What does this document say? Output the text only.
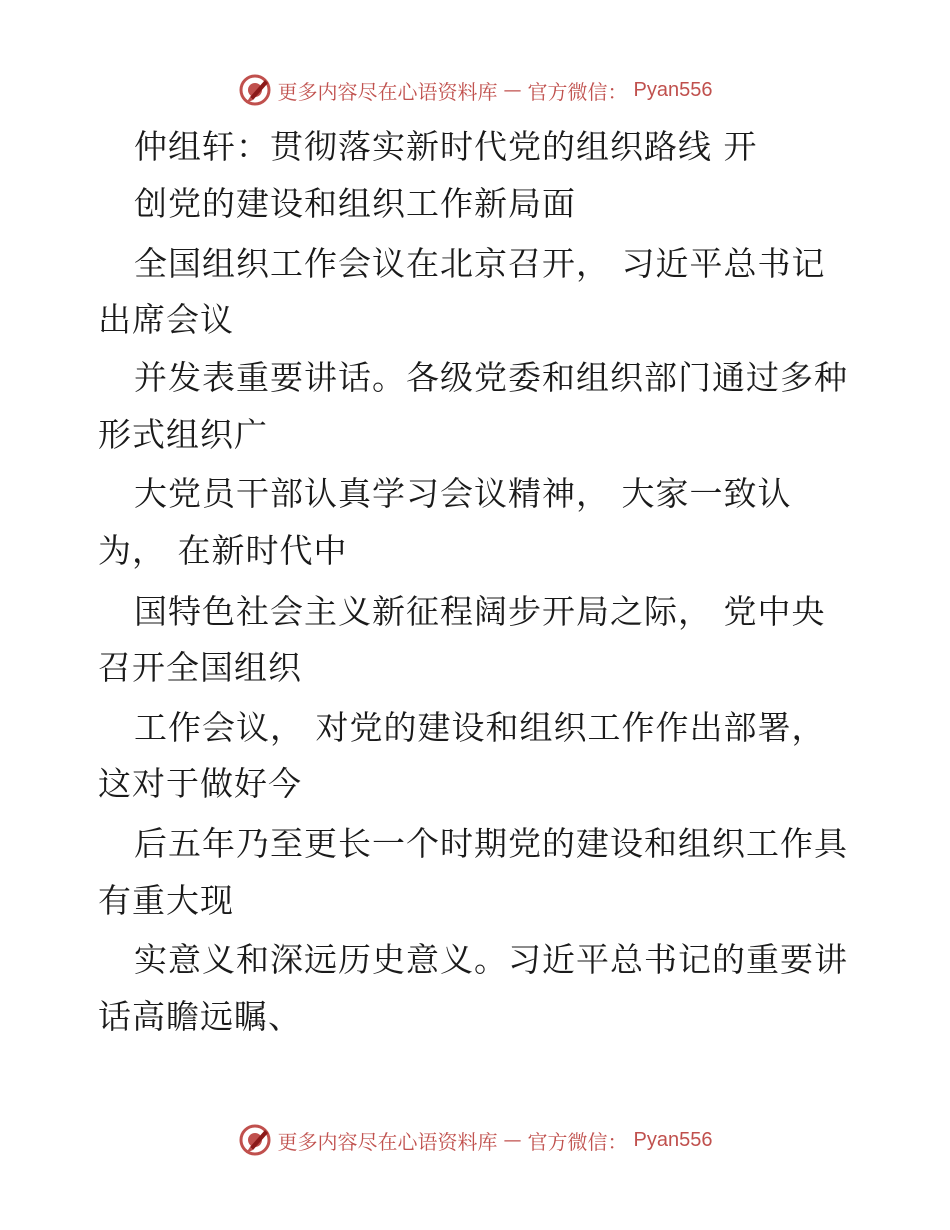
更多内容尽在心语资料库 — 官方微信： Pyan556
仲组轩：贯彻落实新时代党的组织路线 开
创党的建设和组织工作新局面
全国组织工作会议在北京召开， 习近平总书记
出席会议
并发表重要讲话。各级党委和组织部门通过多种
形式组织广
大党员干部认真学习会议精神， 大家一致认
为， 在新时代中
国特色社会主义新征程阔步开局之际， 党中央
召开全国组织
工作会议， 对党的建设和组织工作作出部署，
这对于做好今
后五年乃至更长一个时期党的建设和组织工作具
有重大现
实意义和深远历史意义。习近平总书记的重要讲
话高瞻远瞩、
更多内容尽在心语资料库 — 官方微信： Pyan556
